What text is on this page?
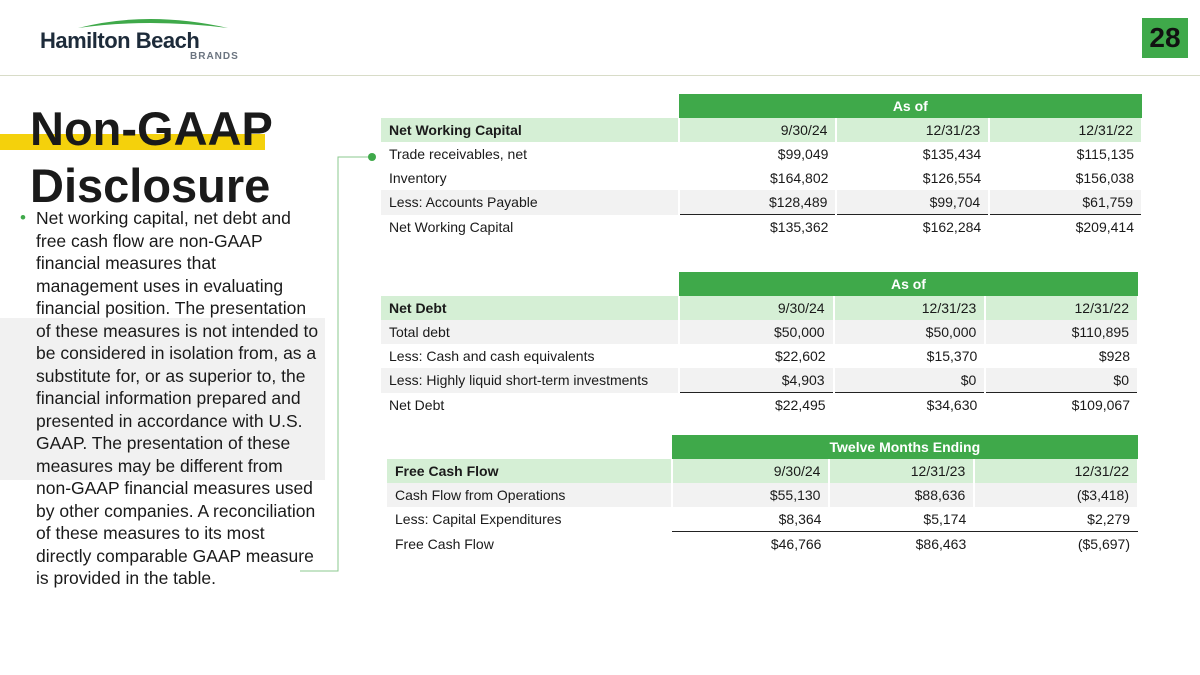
Hamilton Beach
BRANDS
28
Non-GAAP
Disclosure
• Net working capital, net debt and free cash flow are non-GAAP financial measures that management uses in evaluating financial position. The presentation of these measures is not intended to be considered in isolation from, as a substitute for, or as superior to, the financial information prepared and presented in accordance with U.S. GAAP. The presentation of these measures may be different from non-GAAP financial measures used by other companies. A reconciliation of these measures to its most directly comparable GAAP measure is provided in the table.
	As of		
Net Working Capital	9/30/24	12/31/23	12/31/22
Trade receivables, net	$99,049	$135,434	$115,135
Inventory	$164,802	$126,554	$156,038
Less: Accounts Payable	$128,489	$99,704	$61,759
Net Working Capital	$135,362	$162,284	$209,414
	As of		
Net Debt	9/30/24	12/31/23	12/31/22
Total debt	$50,000	$50,000	$110,895
Less: Cash and cash equivalents	$22,602	$15,370	$928
Less: Highly liquid short-term investments	$4,903	$0	$0
Net Debt	$22,495	$34,630	$109,067
	Twelve Months Ending		
Free Cash Flow	9/30/24	12/31/23	12/31/22
Cash Flow from Operations	$55,130	$88,636	($3,418)
Less: Capital Expenditures	$8,364	$5,174	$2,279
Free Cash Flow	$46,766	$86,463	($5,697)
